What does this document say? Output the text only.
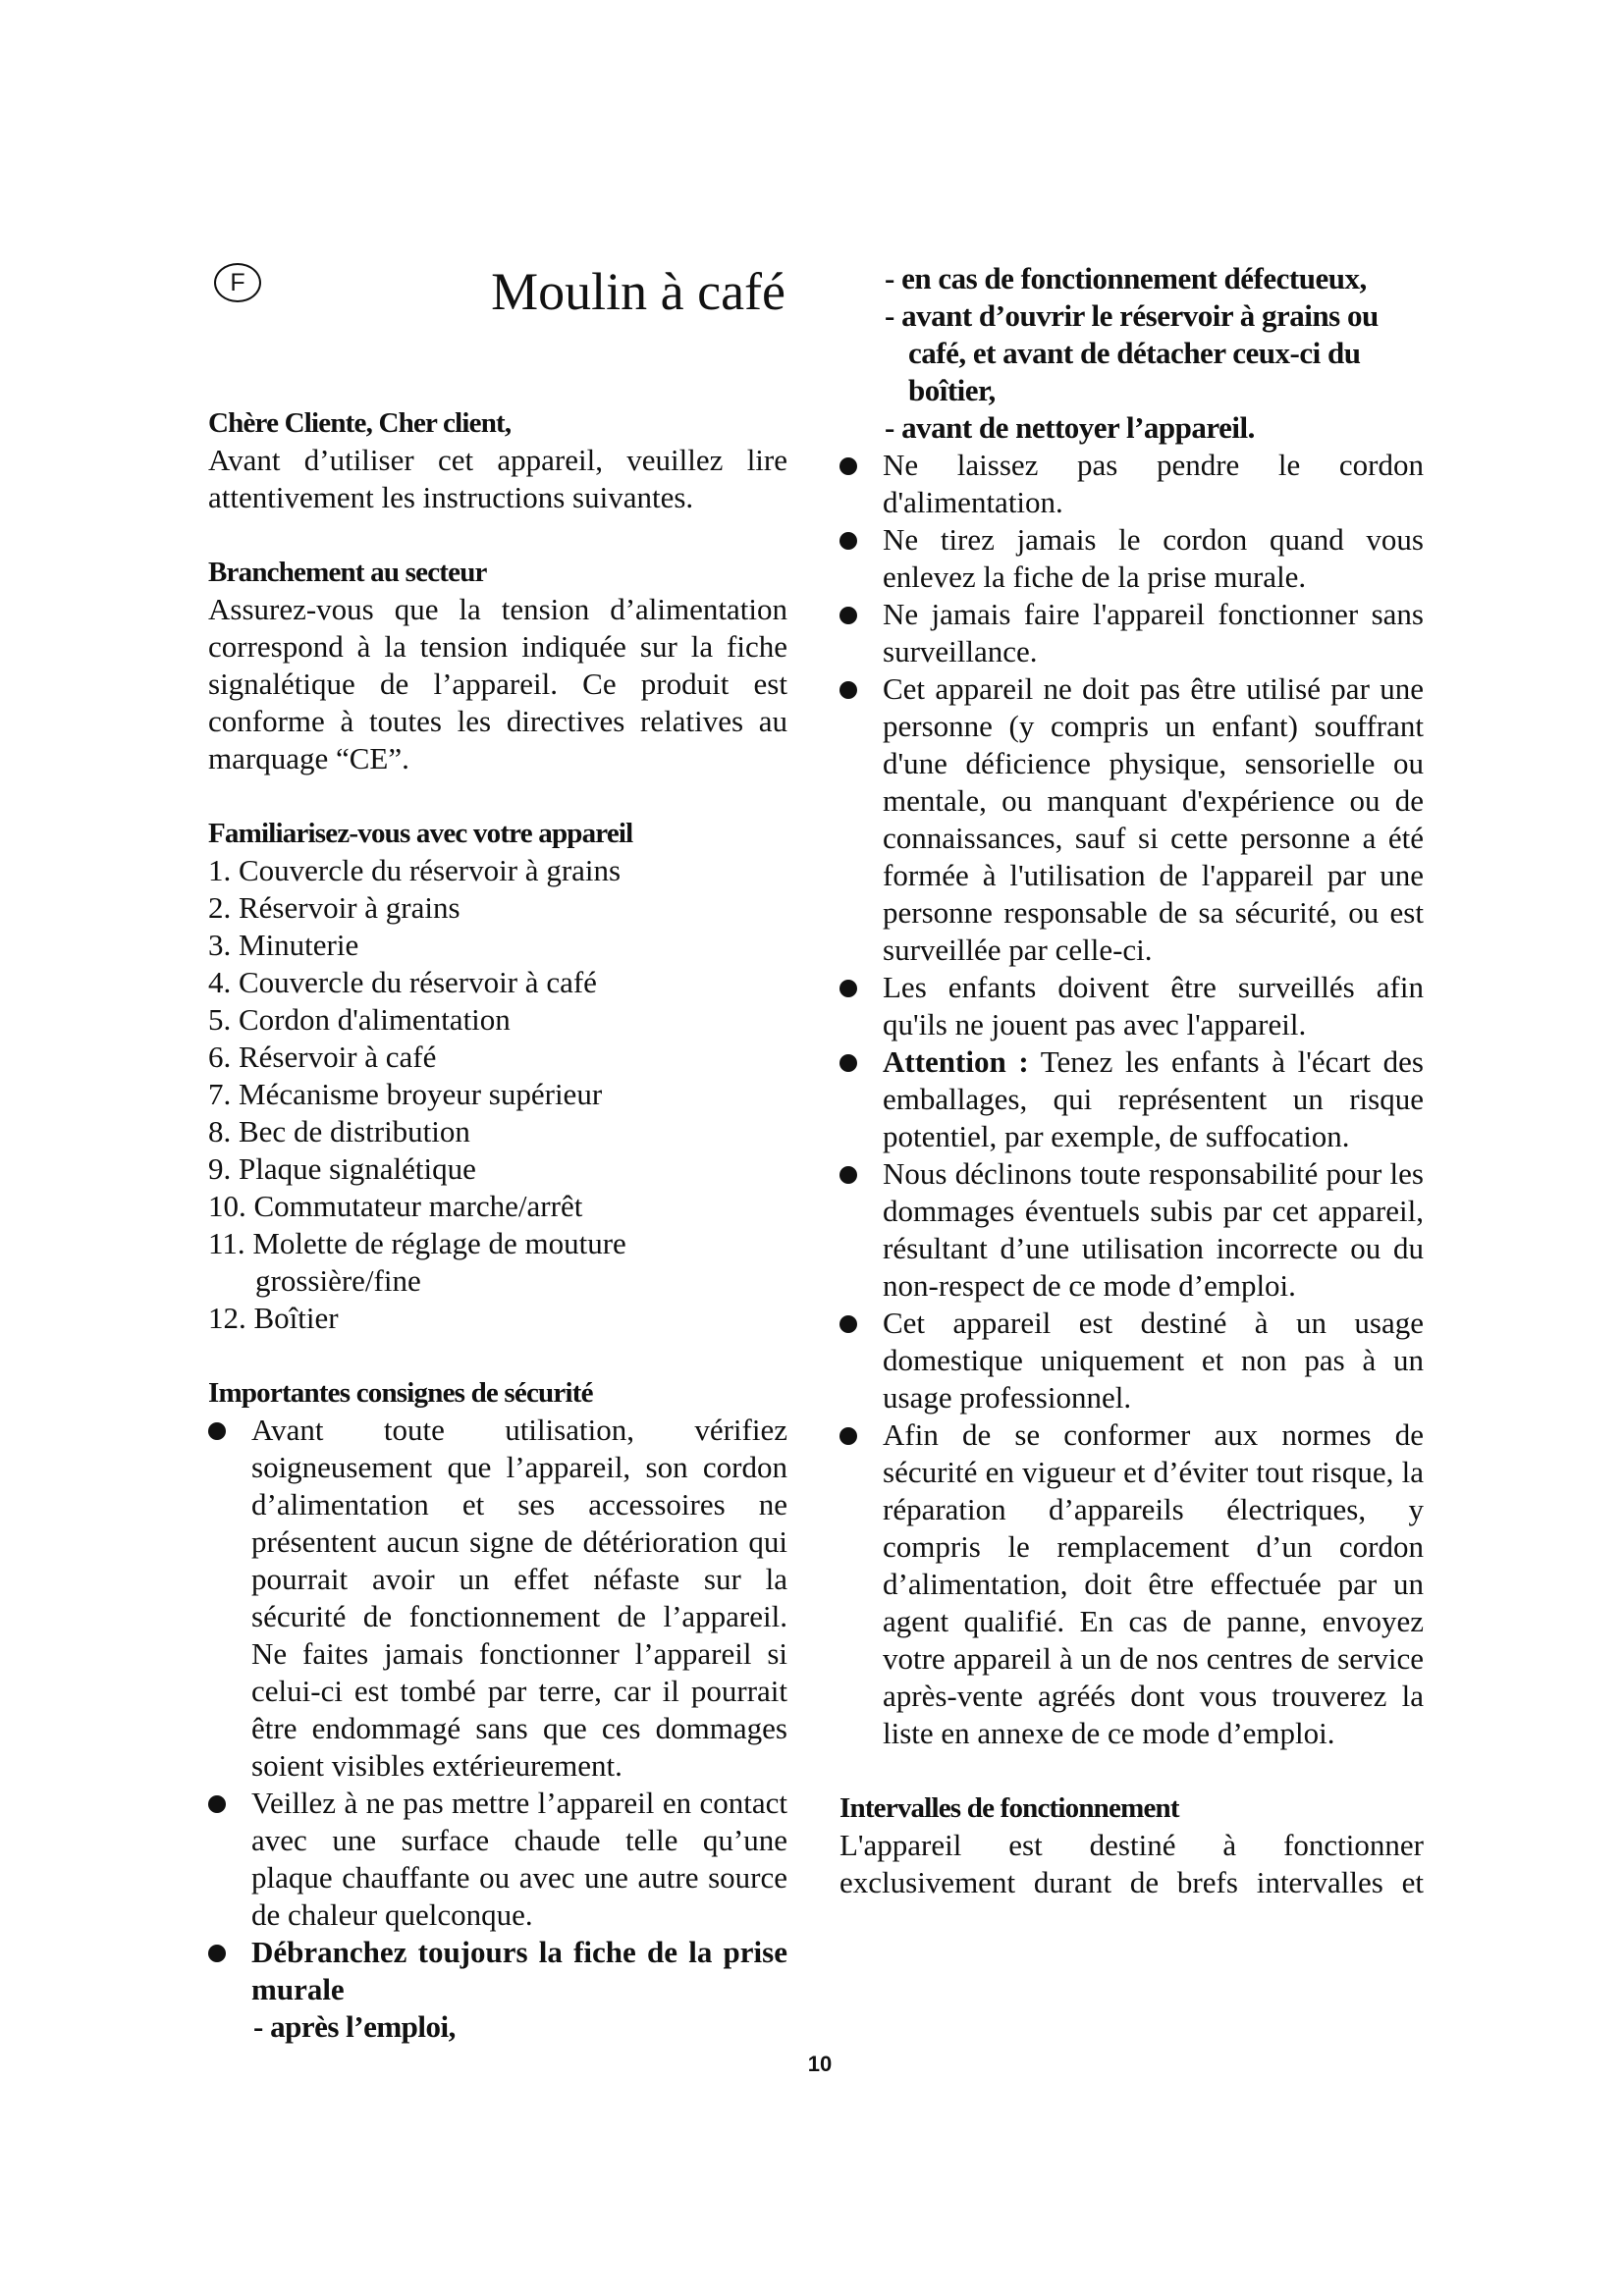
F	Moulin à café
Chère Cliente, Cher client,

Avant d’utiliser cet appareil, veuillez lire attentivement les instructions suivantes.

Branchement au secteur

Assurez-vous que la tension d’alimentation correspond à la tension indiquée sur la fiche signalétique de l’appareil. Ce produit est conforme à toutes les directives relatives au marquage “CE”.

Familiarisez-vous avec votre appareil
1. Couvercle du réservoir à grains
2. Réservoir à grains
3. Minuterie
4. Couvercle du réservoir à café
5. Cordon d'alimentation
6. Réservoir à café
7. Mécanisme broyeur supérieur
8. Bec de distribution
9. Plaque signalétique
10. Commutateur marche/arrêt
11. Molette de réglage de mouture
grossière/fine
12. Boîtier
Importantes consignes de sécurité
Avant toute utilisation, vérifiez soigneusement que l’appareil, son cordon d’alimentation et ses accessoires ne présentent aucun signe de détérioration qui pourrait avoir un effet néfaste sur la sécurité de fonctionnement de l’appareil. Ne faites jamais fonctionner l’appareil si celui-ci est tombé par terre, car il pourrait être endommagé sans que ces dommages soient visibles extérieurement.
Veillez à ne pas mettre l’appareil en contact avec une surface chaude telle qu’une plaque chauffante ou avec une autre source de chaleur quelconque.
Débranchez toujours la fiche de la prise murale
- après l’emploi,
- en cas de fonctionnement défectueux,
- avant d’ouvrir le réservoir à grains ou
café, et avant de détacher ceux-ci du
boîtier,
- avant de nettoyer l’appareil.
Ne laissez pas pendre le cordon d'alimentation.
Ne tirez jamais le cordon quand vous enlevez la fiche de la prise murale.
Ne jamais faire l'appareil fonctionner sans surveillance.
Cet appareil ne doit pas être utilisé par une personne (y compris un enfant) souffrant d'une déficience physique, sensorielle ou mentale, ou manquant d'expérience ou de connaissances, sauf si cette personne a été formée à l'utilisation de l'appareil par une personne responsable de sa sécurité, ou est surveillée par celle-ci.
Les enfants doivent être surveillés afin qu'ils ne jouent pas avec l'appareil.
Attention : Tenez les enfants à l'écart des emballages, qui représentent un risque potentiel, par exemple, de suffocation.
Nous déclinons toute responsabilité pour les dommages éventuels subis par cet appareil, résultant d’une utilisation incorrecte ou du non-respect de ce mode d’emploi.
Cet appareil est destiné à un usage domestique uniquement et non pas à un usage professionnel.
Afin de se conformer aux normes de sécurité en vigueur et d’éviter tout risque, la réparation d’appareils électriques, y compris le remplacement d’un cordon d’alimentation, doit être effectuée par un agent qualifié. En cas de panne, envoyez votre appareil à un de nos centres de service après-vente agréés dont vous trouverez la liste en annexe de ce mode d’emploi.
Intervalles de fonctionnement

L'appareil est destiné à fonctionner exclusivement durant de brefs intervalles et

10
